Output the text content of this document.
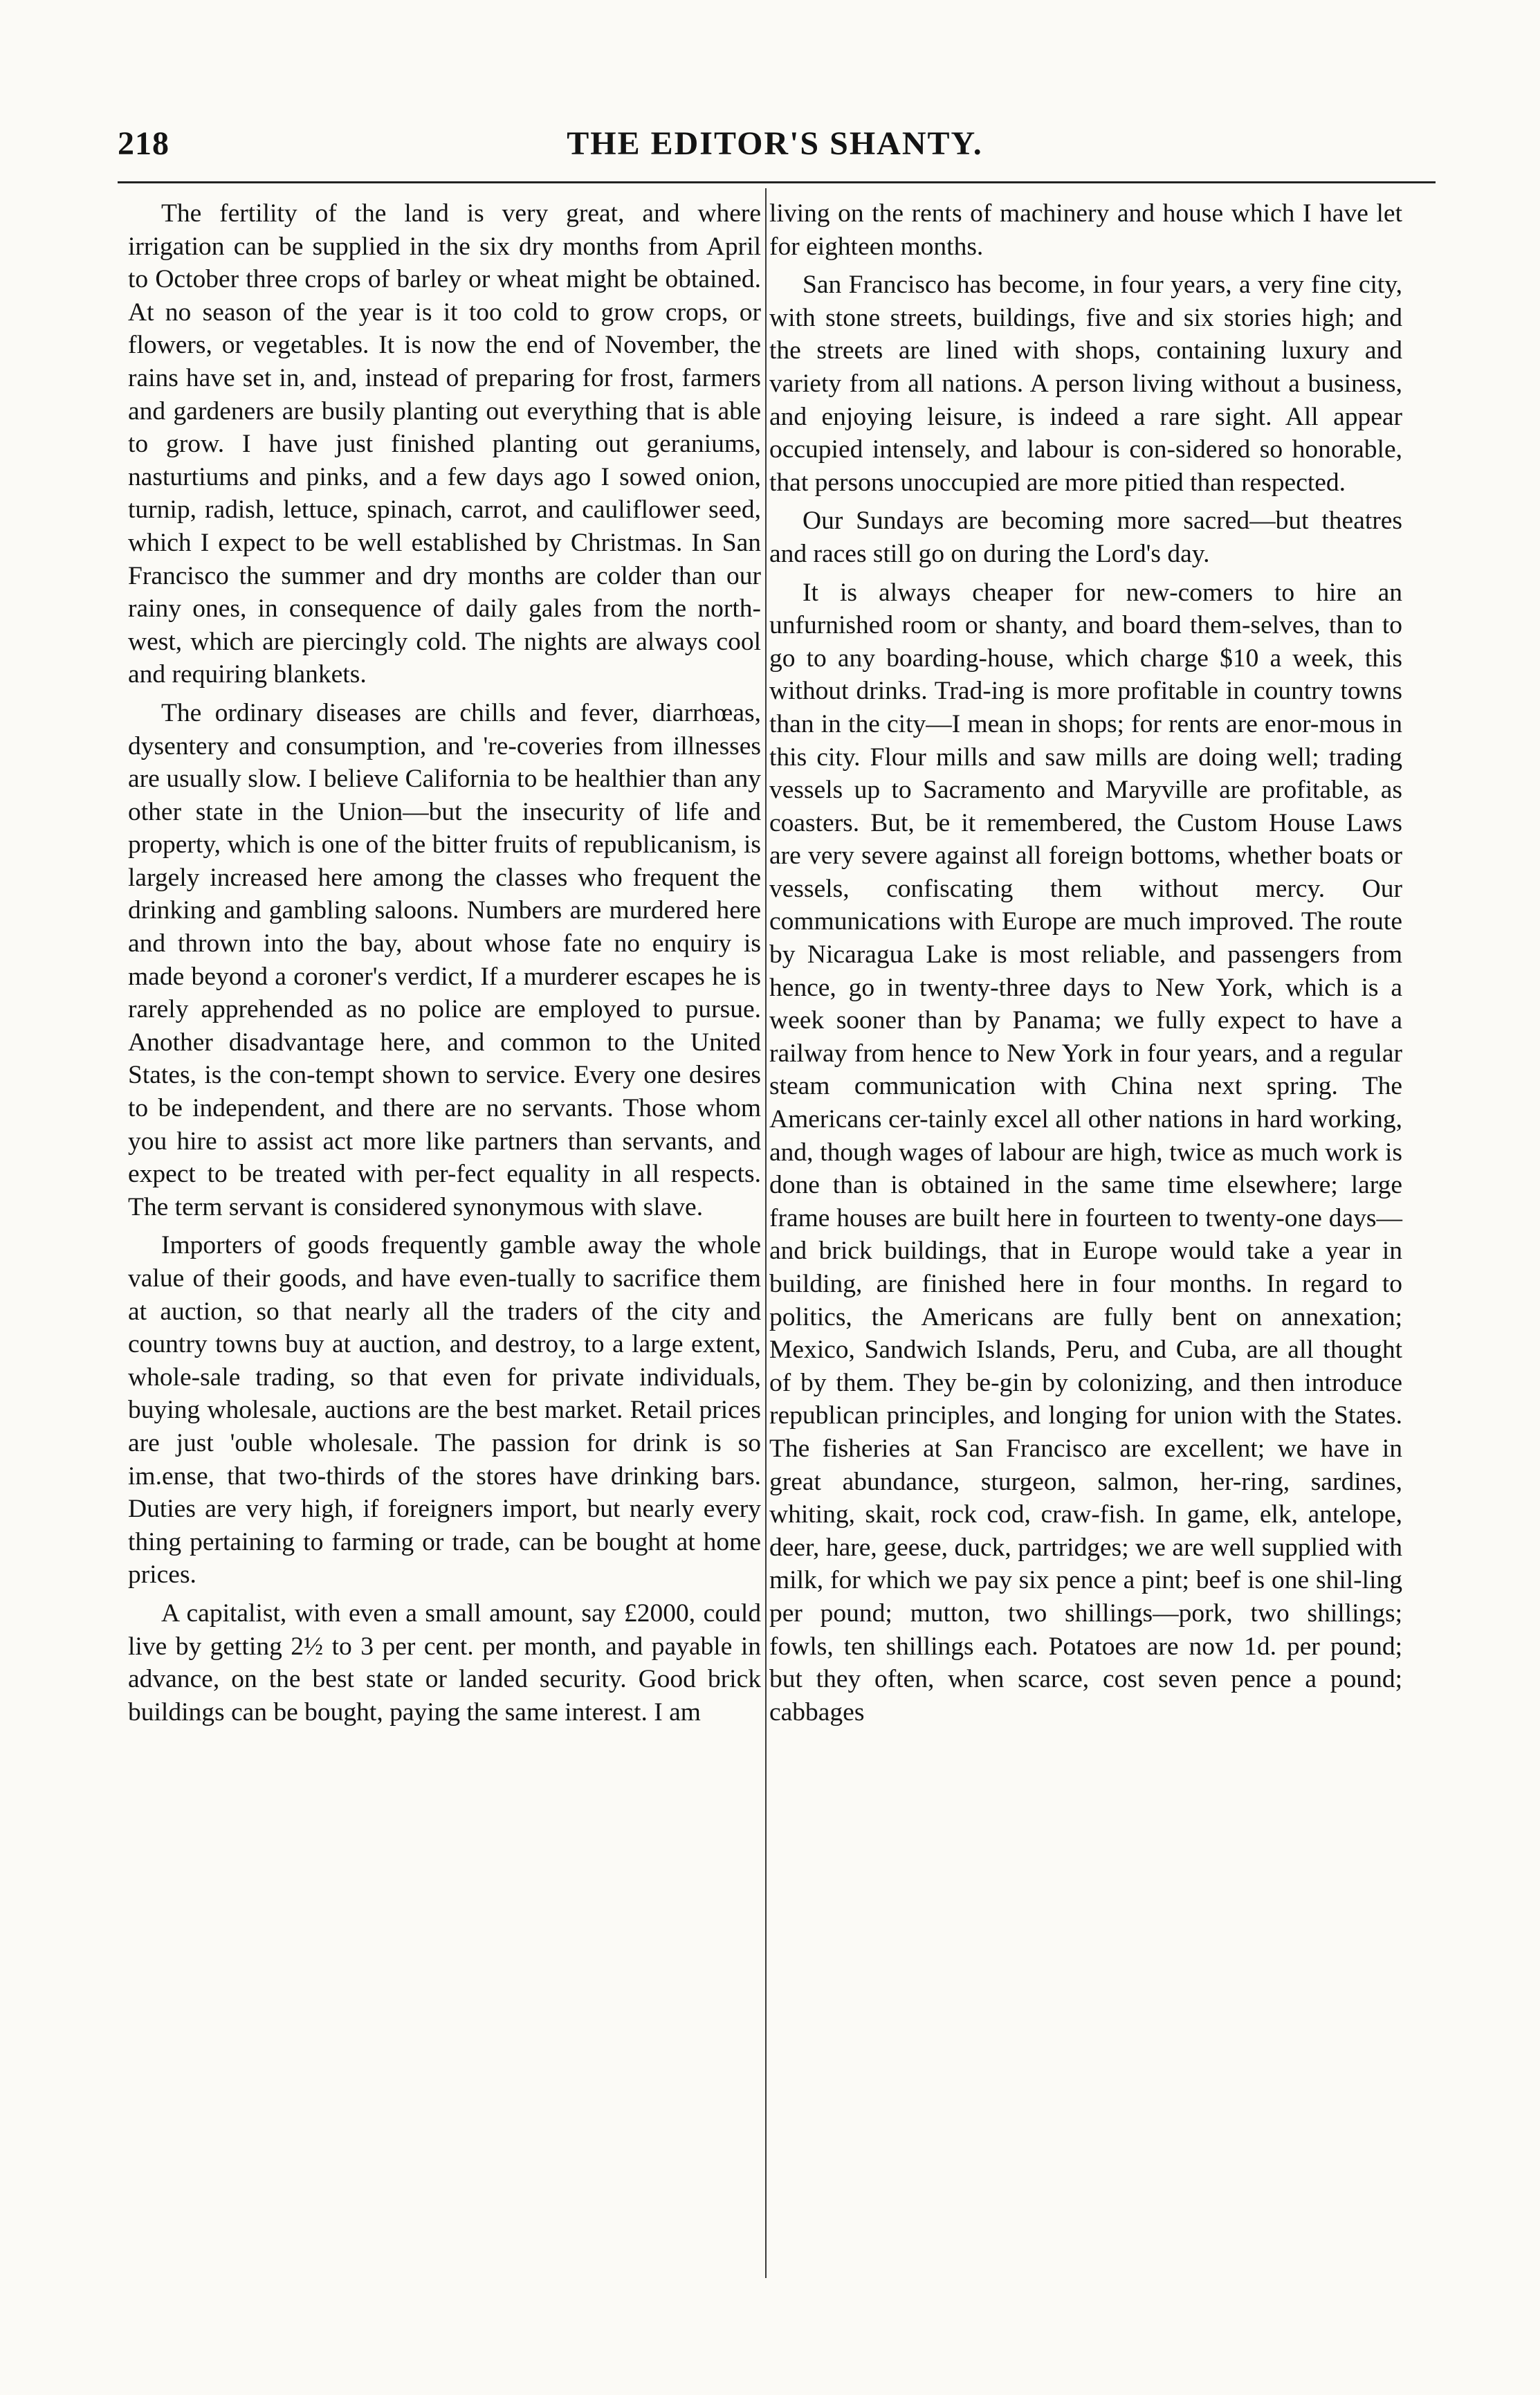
218	THE EDITOR'S SHANTY.

The fertility of the land is very great, and where irrigation can be supplied in the six dry months from April to October three crops of barley or wheat might be obtained. At no season of the year is it too cold to grow crops, or flowers, or vegetables. It is now the end of November, the rains have set in, and, instead of preparing for frost, farmers and gardeners are busily planting out everything that is able to grow. I have just finished planting out geraniums, nasturtiums and pinks, and a few days ago I sowed onion, turnip, radish, lettuce, spinach, carrot, and cauliflower seed, which I expect to be well established by Christmas. In San Francisco the summer and dry months are colder than our rainy ones, in consequence of daily gales from the north-west, which are piercingly cold. The nights are always cool and requiring blankets.

The ordinary diseases are chills and fever, diarrhœas, dysentery and consumption, and 're-coveries from illnesses are usually slow. I believe California to be healthier than any other state in the Union—but the insecurity of life and property, which is one of the bitter fruits of republicanism, is largely increased here among the classes who frequent the drinking and gambling saloons. Numbers are murdered here and thrown into the bay, about whose fate no enquiry is made beyond a coroner's verdict, If a murderer escapes he is rarely apprehended as no police are employed to pursue. Another disadvantage here, and common to the United States, is the con-tempt shown to service. Every one desires to be independent, and there are no servants. Those whom you hire to assist act more like partners than servants, and expect to be treated with per-fect equality in all respects. The term servant is considered synonymous with slave.

Importers of goods frequently gamble away the whole value of their goods, and have even-tually to sacrifice them at auction, so that nearly all the traders of the city and country towns buy at auction, and destroy, to a large extent, whole-sale trading, so that even for private individuals, buying wholesale, auctions are the best market. Retail prices are just 'ouble wholesale. The passion for drink is so im.ense, that two-thirds of the stores have drinking bars. Duties are very high, if foreigners import, but nearly every thing pertaining to farming or trade, can be bought at home prices.

A capitalist, with even a small amount, say £2000, could live by getting 2½ to 3 per cent. per month, and payable in advance, on the best state or landed security. Good brick buildings can be bought, paying the same interest. I am

living on the rents of machinery and house which I have let for eighteen months.

San Francisco has become, in four years, a very fine city, with stone streets, buildings, five and six stories high; and the streets are lined with shops, containing luxury and variety from all nations. A person living without a business, and enjoying leisure, is indeed a rare sight. All appear occupied intensely, and labour is con-sidered so honorable, that persons unoccupied are more pitied than respected.

Our Sundays are becoming more sacred—but theatres and races still go on during the Lord's day.

It is always cheaper for new-comers to hire an unfurnished room or shanty, and board them-selves, than to go to any boarding-house, which charge $10 a week, this without drinks. Trad-ing is more profitable in country towns than in the city—I mean in shops; for rents are enor-mous in this city. Flour mills and saw mills are doing well; trading vessels up to Sacramento and Maryville are profitable, as coasters. But, be it remembered, the Custom House Laws are very severe against all foreign bottoms, whether boats or vessels, confiscating them without mercy. Our communications with Europe are much improved. The route by Nicaragua Lake is most reliable, and passengers from hence, go in twenty-three days to New York, which is a week sooner than by Panama; we fully expect to have a railway from hence to New York in four years, and a regular steam communication with China next spring. The Americans cer-tainly excel all other nations in hard working, and, though wages of labour are high, twice as much work is done than is obtained in the same time elsewhere; large frame houses are built here in fourteen to twenty-one days—and brick buildings, that in Europe would take a year in building, are finished here in four months. In regard to politics, the Americans are fully bent on annexation; Mexico, Sandwich Islands, Peru, and Cuba, are all thought of by them. They be-gin by colonizing, and then introduce republican principles, and longing for union with the States. The fisheries at San Francisco are excellent; we have in great abundance, sturgeon, salmon, her-ring, sardines, whiting, skait, rock cod, craw-fish. In game, elk, antelope, deer, hare, geese, duck, partridges; we are well supplied with milk, for which we pay six pence a pint; beef is one shil-ling per pound; mutton, two shillings—pork, two shillings; fowls, ten shillings each. Potatoes are now 1d. per pound; but they often, when scarce, cost seven pence a pound; cabbages
